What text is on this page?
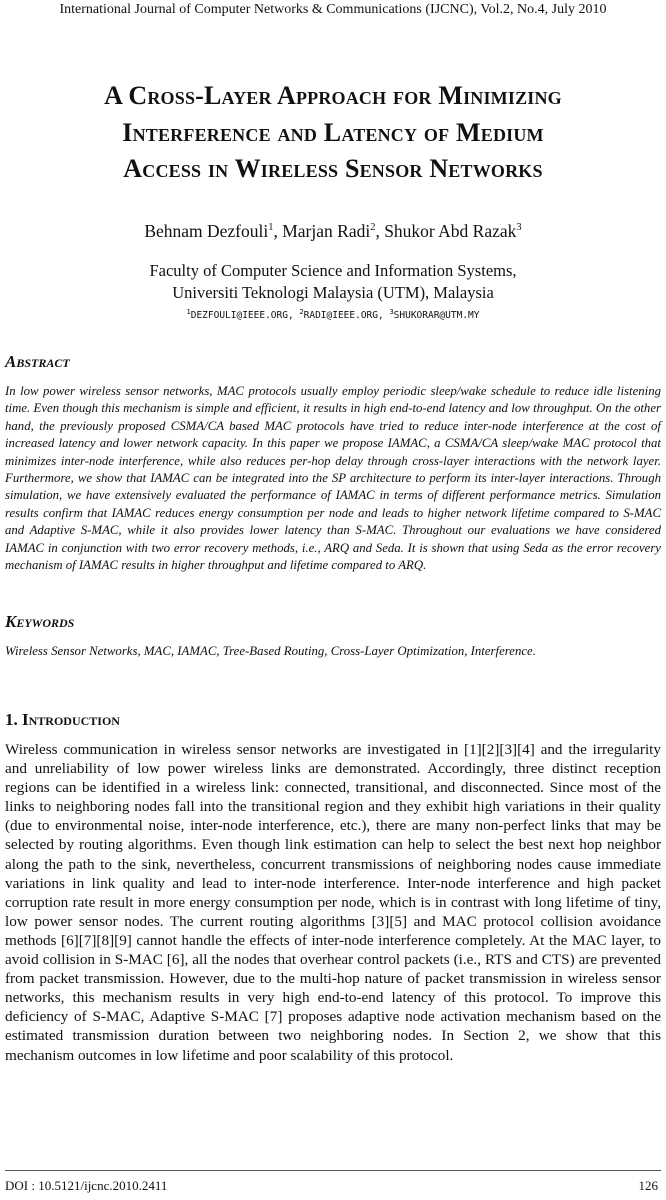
International Journal of Computer Networks & Communications (IJCNC), Vol.2, No.4, July 2010
A Cross-Layer Approach for Minimizing
Interference and Latency of Medium
Access in Wireless Sensor Networks
Behnam Dezfouli$^1$, Marjan Radi$^2$, Shukor Abd Razak$^3$
Faculty of Computer Science and Information Systems,
Universiti Teknologi Malaysia (UTM), Malaysia
$^1$DEZFOULI@IEEE.ORG, $^2$RADI@IEEE.ORG, $^3$SHUKORAR@UTM.MY
Abstract

In low power wireless sensor networks, MAC protocols usually employ periodic sleep/wake schedule to reduce idle listening time. Even though this mechanism is simple and efficient, it results in high end-to-end latency and low throughput. On the other hand, the previously proposed CSMA/CA based MAC protocols have tried to reduce inter-node interference at the cost of increased latency and lower network capacity. In this paper we propose IAMAC, a CSMA/CA sleep/wake MAC protocol that minimizes inter-node interference, while also reduces per-hop delay through cross-layer interactions with the network layer. Furthermore, we show that IAMAC can be integrated into the SP architecture to perform its inter-layer interactions. Through simulation, we have extensively evaluated the performance of IAMAC in terms of different performance metrics. Simulation results confirm that IAMAC reduces energy consumption per node and leads to higher network lifetime compared to S-MAC and Adaptive S-MAC, while it also provides lower latency than S-MAC. Throughout our evaluations we have considered IAMAC in conjunction with two error recovery methods, i.e., ARQ and Seda. It is shown that using Seda as the error recovery mechanism of IAMAC results in higher throughput and lifetime compared to ARQ.

Keywords
Wireless Sensor Networks, MAC, IAMAC, Tree-Based Routing, Cross-Layer Optimization, Interference.
1. Introduction

Wireless communication in wireless sensor networks are investigated in [1][2][3][4] and the irregularity and unreliability of low power wireless links are demonstrated. Accordingly, three distinct reception regions can be identified in a wireless link: connected, transitional, and disconnected. Since most of the links to neighboring nodes fall into the transitional region and they exhibit high variations in their quality (due to environmental noise, inter-node interference, etc.), there are many non-perfect links that may be selected by routing algorithms. Even though link estimation can help to select the best next hop neighbor along the path to the sink, nevertheless, concurrent transmissions of neighboring nodes cause immediate variations in link quality and lead to inter-node interference. Inter-node interference and high packet corruption rate result in more energy consumption per node, which is in contrast with long lifetime of tiny, low power sensor nodes. The current routing algorithms [3][5] and MAC protocol collision avoidance methods [6][7][8][9] cannot handle the effects of inter-node interference completely. At the MAC layer, to avoid collision in S-MAC [6], all the nodes that overhear control packets (i.e., RTS and CTS) are prevented from packet transmission. However, due to the multi-hop nature of packet transmission in wireless sensor networks, this mechanism results in very high end-to-end latency of this protocol. To improve this deficiency of S-MAC, Adaptive S-MAC [7] proposes adaptive node activation mechanism based on the estimated transmission duration between two neighboring nodes. In Section 2, we show that this mechanism outcomes in low lifetime and poor scalability of this protocol.

DOI : 10.5121/ijcnc.2010.2411	126
